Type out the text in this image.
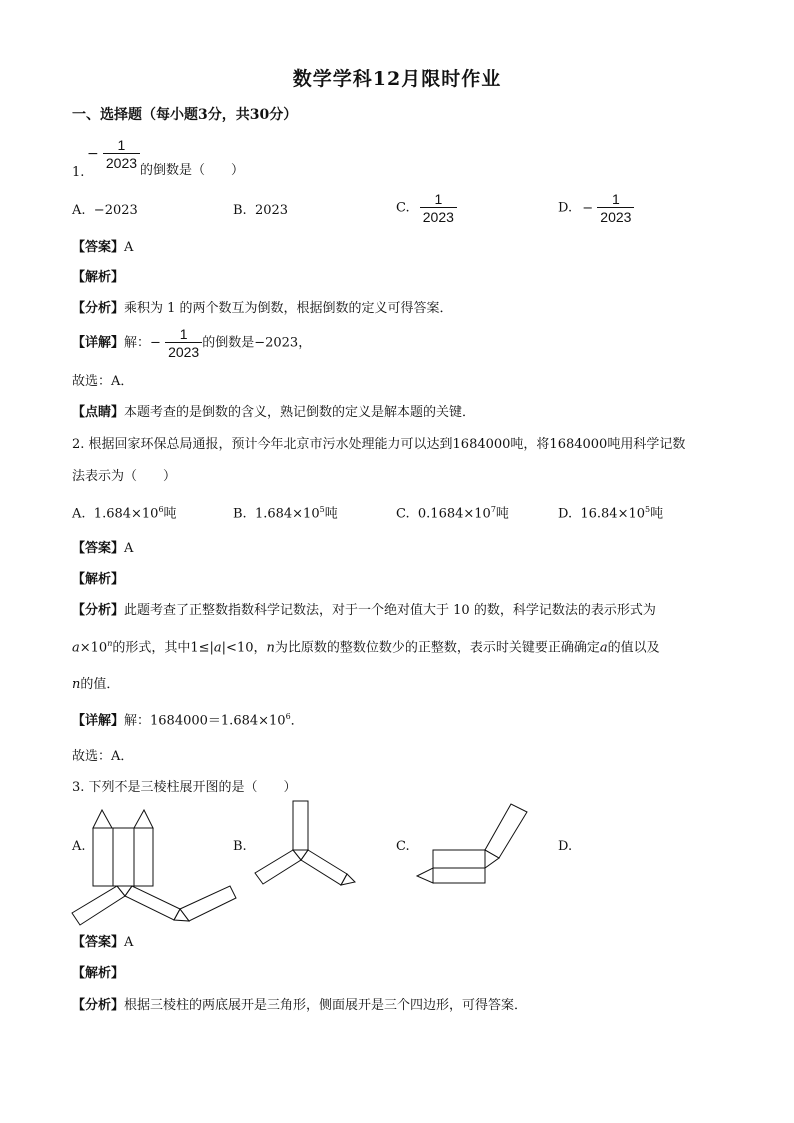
数学学科12月限时作业
一、选择题（每小题3分，共30分）
− $\frac{1}{2023}$
1.	的倒数是（　　）
A. −2023	B. 2023	C. $\frac{1}{2023}$	D. − $\frac{1}{2023}$
【答案】A
【解析】
【分析】乘积为 1 的两个数互为倒数，根据倒数的定义可得答案．
【详解】解：− $\frac{1}{2023}$ 的倒数是−2023，
故选：A．
【点睛】本题考查的是倒数的含义，熟记倒数的定义是解本题的关键．
2. 根据回家环保总局通报，预计今年北京市污水处理能力可以达到1684000吨，将1684000吨用科学记数
法表示为（　　）
A. $1.684\times 10^6$吨	B. $1.684\times 10^5$吨	C. $0.1684\times 10^7$吨	D. $16.84\times 10^5$吨
【答案】A
【解析】
【分析】此题考查了正整数指数科学记数法，对于一个绝对值大于 10 的数，科学记数法的表示形式为
$a\times 10^n$的形式，其中1≤|a|<10，n为比原数的整数位数少的正整数，表示时关键要正确确定a的值以及
n的值．
【详解】解：$1684000=1.684\times 10^6$．
故选：A．
3. 下列不是三棱柱展开图的是（　　）
A.	B.	C.	D.
【答案】A
【解析】
【分析】根据三棱柱的两底展开是三角形，侧面展开是三个四边形，可得答案．
